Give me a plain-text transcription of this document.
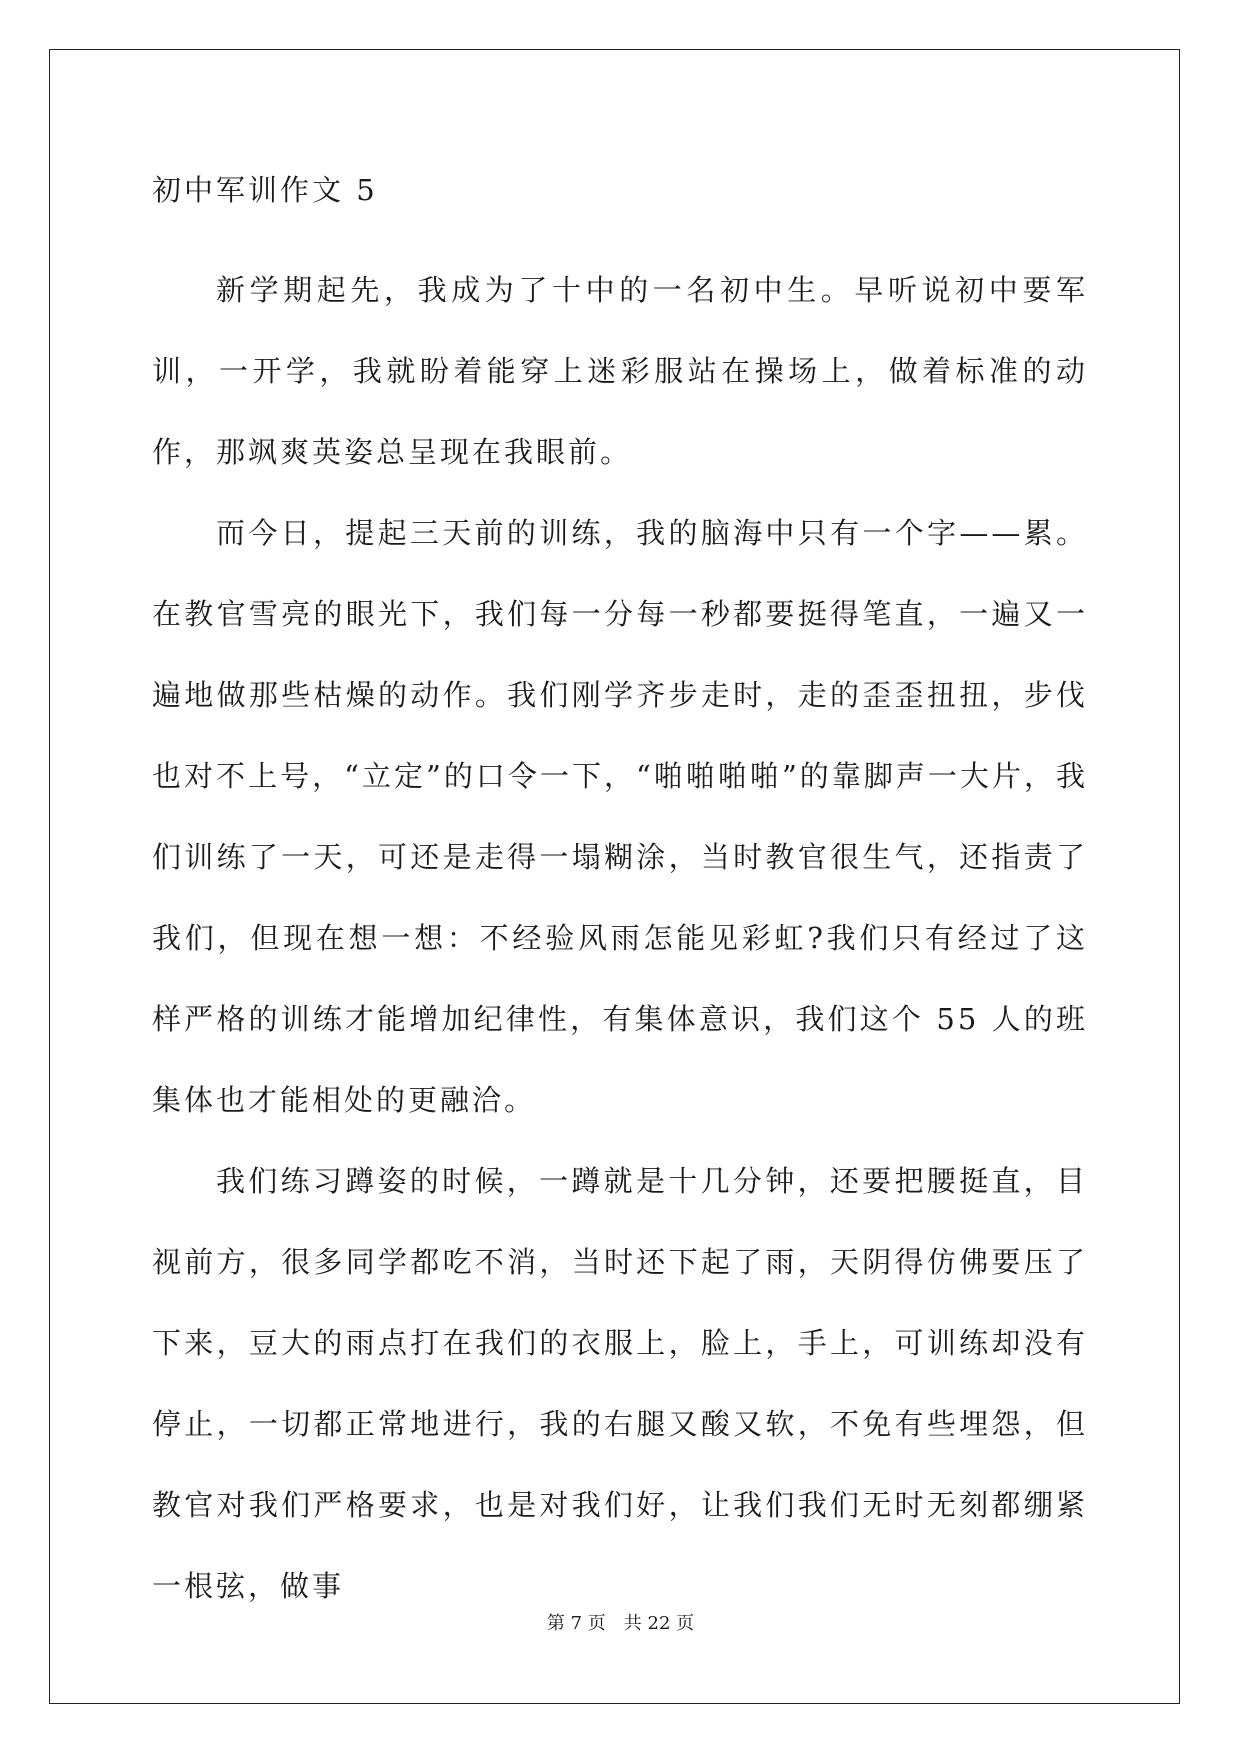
初中军训作文 5

新学期起先，我成为了十中的一名初中生。早听说初中要军训，一开学，我就盼着能穿上迷彩服站在操场上，做着标准的动作，那飒爽英姿总呈现在我眼前。

而今日，提起三天前的训练，我的脑海中只有一个字——累。在教官雪亮的眼光下，我们每一分每一秒都要挺得笔直，一遍又一遍地做那些枯燥的动作。我们刚学齐步走时，走的歪歪扭扭，步伐也对不上号，“立定”的口令一下，“啪啪啪啪”的靠脚声一大片，我们训练了一天，可还是走得一塌糊涂，当时教官很生气，还指责了我们，但现在想一想：不经验风雨怎能见彩虹?我们只有经过了这样严格的训练才能增加纪律性，有集体意识，我们这个 55 人的班集体也才能相处的更融洽。

我们练习蹲姿的时候，一蹲就是十几分钟，还要把腰挺直，目视前方，很多同学都吃不消，当时还下起了雨，天阴得仿佛要压了下来，豆大的雨点打在我们的衣服上，脸上，手上，可训练却没有停止，一切都正常地进行，我的右腿又酸又软，不免有些埋怨，但教官对我们严格要求，也是对我们好，让我们我们无时无刻都绷紧一根弦，做事

第 7 页 共 22 页
